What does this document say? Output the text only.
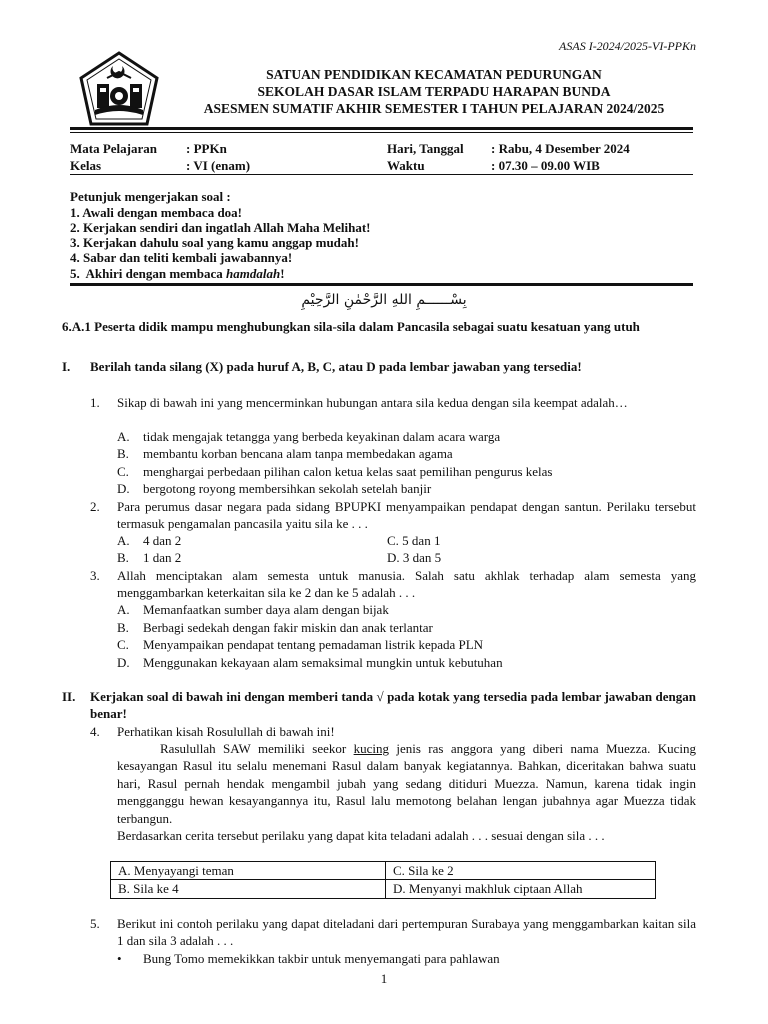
ASAS I-2024/2025-VI-PPKn
SATUAN PENDIDIKAN KECAMATAN PEDURUNGAN
SEKOLAH DASAR ISLAM TERPADU HARAPAN BUNDA
ASESMEN SUMATIF AKHIR SEMESTER I TAHUN PELAJARAN 2024/2025
Mata Pelajaran	: PPKn	Hari, Tanggal	: Rabu, 4 Desember 2024
Kelas	: VI (enam)	Waktu	: 07.30 – 09.00 WIB
Petunjuk mengerjakan soal :
1. Awali dengan membaca doa!
2. Kerjakan sendiri dan ingatlah Allah Maha Melihat!
3. Kerjakan dahulu soal yang kamu anggap mudah!
4. Sabar dan teliti kembali jawabannya!
5.  Akhiri dengan membaca hamdalah!
بِسْــــــمِ اللهِ الرَّحْمٰنِ الرَّحِيْمِ
6.A.1 Peserta didik mampu menghubungkan sila-sila dalam Pancasila sebagai suatu kesatuan yang utuh
I. Berilah tanda silang (X) pada huruf A, B, C, atau D pada lembar jawaban yang tersedia!
1. Sikap di bawah ini yang mencerminkan hubungan antara sila kedua dengan sila keempat adalah…
A. tidak mengajak tetangga yang berbeda keyakinan dalam acara warga
B. membantu korban bencana alam tanpa membedakan agama
C. menghargai perbedaan pilihan calon ketua kelas saat pemilihan pengurus kelas
D. bergotong royong membersihkan sekolah setelah banjir
2. Para perumus dasar negara pada sidang BPUPKI menyampaikan pendapat dengan santun. Perilaku tersebut termasuk pengamalan pancasila yaitu sila ke . . .
A. 4 dan 2	C. 5 dan 1
B. 1 dan 2	D. 3 dan 5
3. Allah menciptakan alam semesta untuk manusia. Salah satu akhlak terhadap alam semesta yang menggambarkan keterkaitan sila ke 2 dan ke 5 adalah . . .
A. Memanfaatkan sumber daya alam dengan bijak
B. Berbagi sedekah dengan fakir miskin dan anak terlantar
C. Menyampaikan pendapat tentang pemadaman listrik kepada PLN
D. Menggunakan kekayaan alam semaksimal mungkin untuk kebutuhan
II. Kerjakan soal di bawah ini dengan memberi tanda √ pada kotak yang tersedia pada lembar jawaban dengan benar!
4. Perhatikan kisah Rosulullah di bawah ini!
Rasulullah SAW memiliki seekor kucing jenis ras anggora yang diberi nama Muezza. Kucing kesayangan Rasul itu selalu menemani Rasul dalam banyak kegiatannya. Bahkan, diceritakan bahwa suatu hari, Rasul pernah hendak mengambil jubah yang sedang ditiduri Muezza. Namun, karena tidak ingin mengganggu hewan kesayangannya itu, Rasul lalu memotong belahan lengan jubahnya agar Muezza tidak terbangun.
Berdasarkan cerita tersebut perilaku yang dapat kita teladani adalah . . . sesuai dengan sila . . .
A. Menyayangi teman	C. Sila ke 2
B. Sila ke 4	D. Menyanyi makhluk ciptaan Allah
5. Berikut ini contoh perilaku yang dapat diteladani dari pertempuran Surabaya yang menggambarkan kaitan sila 1 dan sila 3 adalah . . .
• Bung Tomo memekikkan takbir untuk menyemangati para pahlawan
1
